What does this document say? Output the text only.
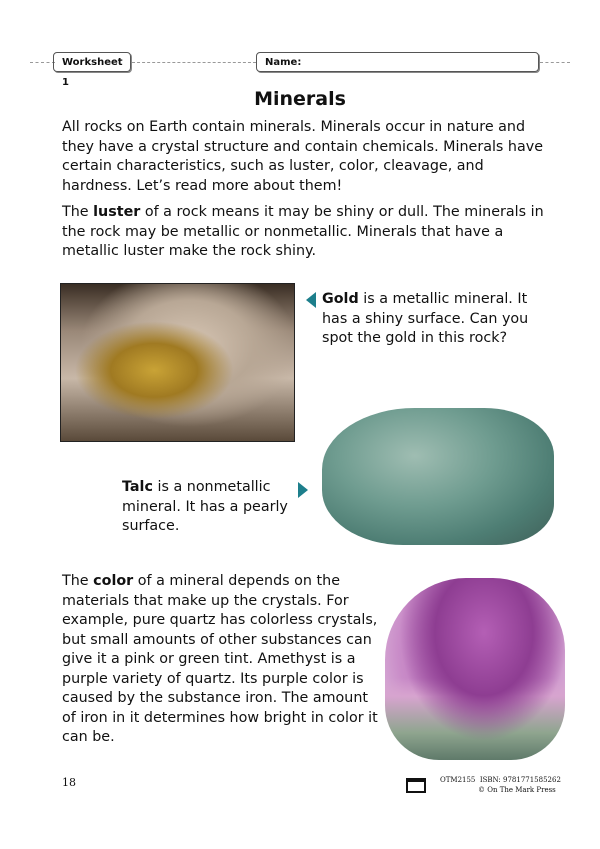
Worksheet 1
Name:
Minerals
All rocks on Earth contain minerals. Minerals occur in nature and they have a crystal structure and contain chemicals. Minerals have certain characteristics, such as luster, color, cleavage, and hardness. Let’s read more about them!
The luster of a rock means it may be shiny or dull. The minerals in the rock may be metallic or nonmetallic. Minerals that have a metallic luster make the rock shiny.
Gold is a metallic mineral. It has a shiny surface. Can you spot the gold in this rock?
Talc is a nonmetallic mineral. It has a pearly surface.
The color of a mineral depends on the materials that make up the crystals. For example, pure quartz has colorless crystals, but small amounts of other substances can give it a pink or green tint. Amethyst is a purple variety of quartz. Its purple color is caused by the substance iron. The amount of iron in it determines how bright in color it can be.
18	OTM2155 ISBN: 9781771585262
© On The Mark Press
